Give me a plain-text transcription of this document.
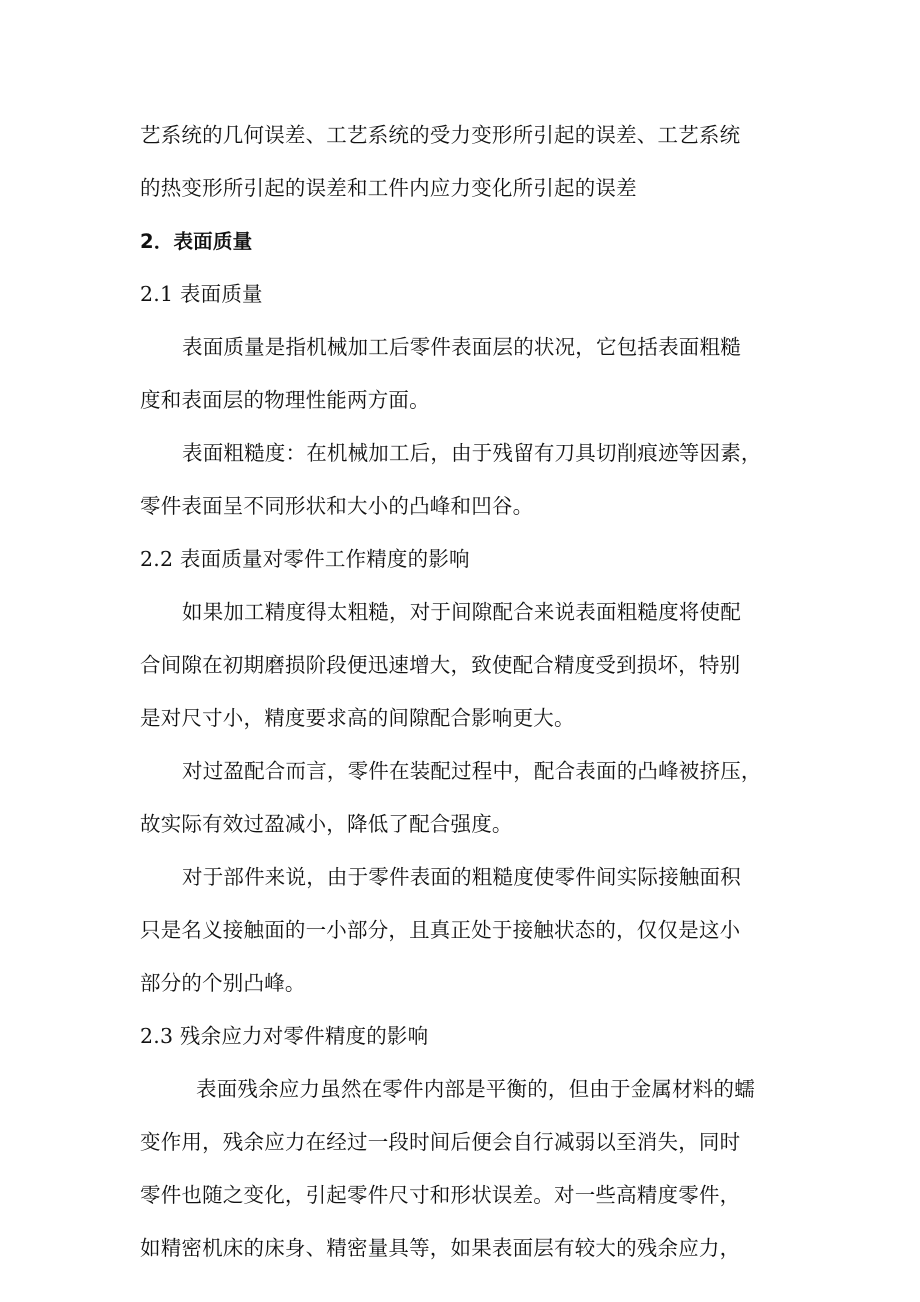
艺系统的几何误差、工艺系统的受力变形所引起的误差、工艺系统

的热变形所引起的误差和工件内应力变化所引起的误差

2．表面质量

2.1 表面质量

表面质量是指机械加工后零件表面层的状况，它包括表面粗糙

度和表面层的物理性能两方面。

表面粗糙度：在机械加工后，由于残留有刀具切削痕迹等因素，

零件表面呈不同形状和大小的凸峰和凹谷。

2.2 表面质量对零件工作精度的影响

如果加工精度得太粗糙，对于间隙配合来说表面粗糙度将使配

合间隙在初期磨损阶段便迅速增大，致使配合精度受到损坏，特别

是对尺寸小，精度要求高的间隙配合影响更大。

对过盈配合而言，零件在装配过程中，配合表面的凸峰被挤压，

故实际有效过盈减小，降低了配合强度。

对于部件来说，由于零件表面的粗糙度使零件间实际接触面积

只是名义接触面的一小部分，且真正处于接触状态的，仅仅是这小

部分的个别凸峰。

2.3 残余应力对零件精度的影响

表面残余应力虽然在零件内部是平衡的，但由于金属材料的蠕

变作用，残余应力在经过一段时间后便会自行减弱以至消失，同时

零件也随之变化，引起零件尺寸和形状误差。对一些高精度零件，

如精密机床的床身、精密量具等，如果表面层有较大的残余应力，
